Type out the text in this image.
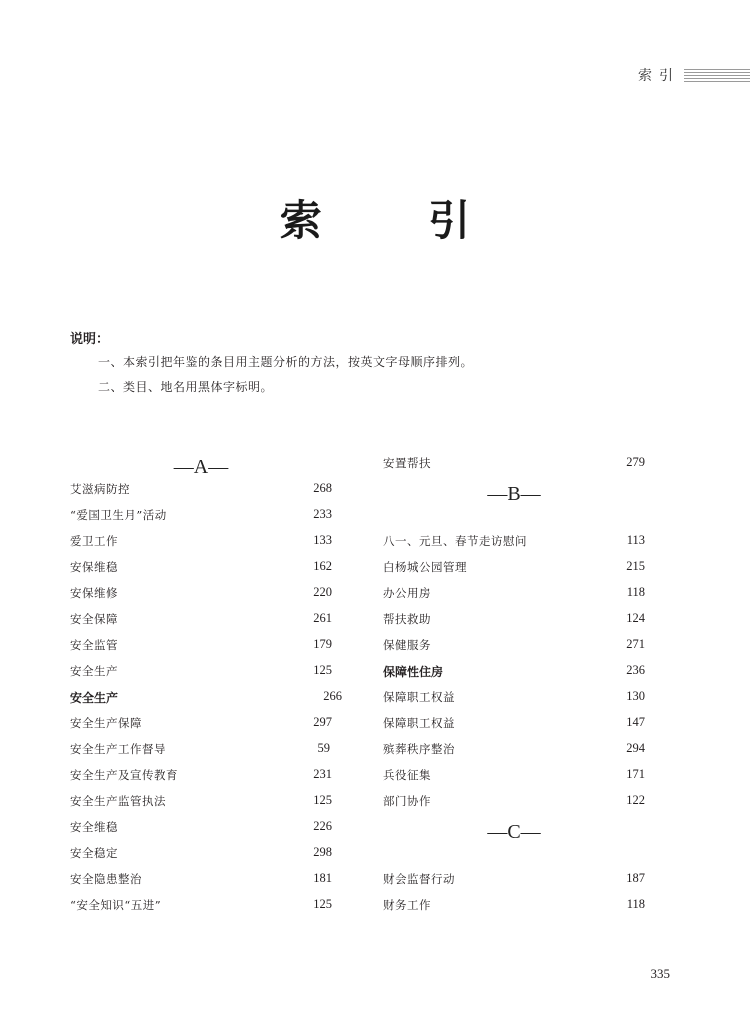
索引
索 引
说明：
一、本索引把年鉴的条目用主题分析的方法，按英文字母顺序排列。
二、类目、地名用黑体字标明。
—A—
艾滋病防控	268
“爱国卫生月”活动	233
爱卫工作	133
安保维稳	162
安保维修	220
安全保障	261
安全监管	179
安全生产	125
安全生产	266
安全生产保障	297
安全生产工作督导	59
安全生产及宣传教育	231
安全生产监管执法	125
安全维稳	226
安全稳定	298
安全隐患整治	181
“安全知识“五进”	125
安置帮扶	279
—B—
八一、元旦、春节走访慰问	113
白杨城公园管理	215
办公用房	118
帮扶救助	124
保健服务	271
保障性住房	236
保障职工权益	130
保障职工权益	147
殡葬秩序整治	294
兵役征集	171
部门协作	122
—C—
财会监督行动	187
财务工作	118
335
